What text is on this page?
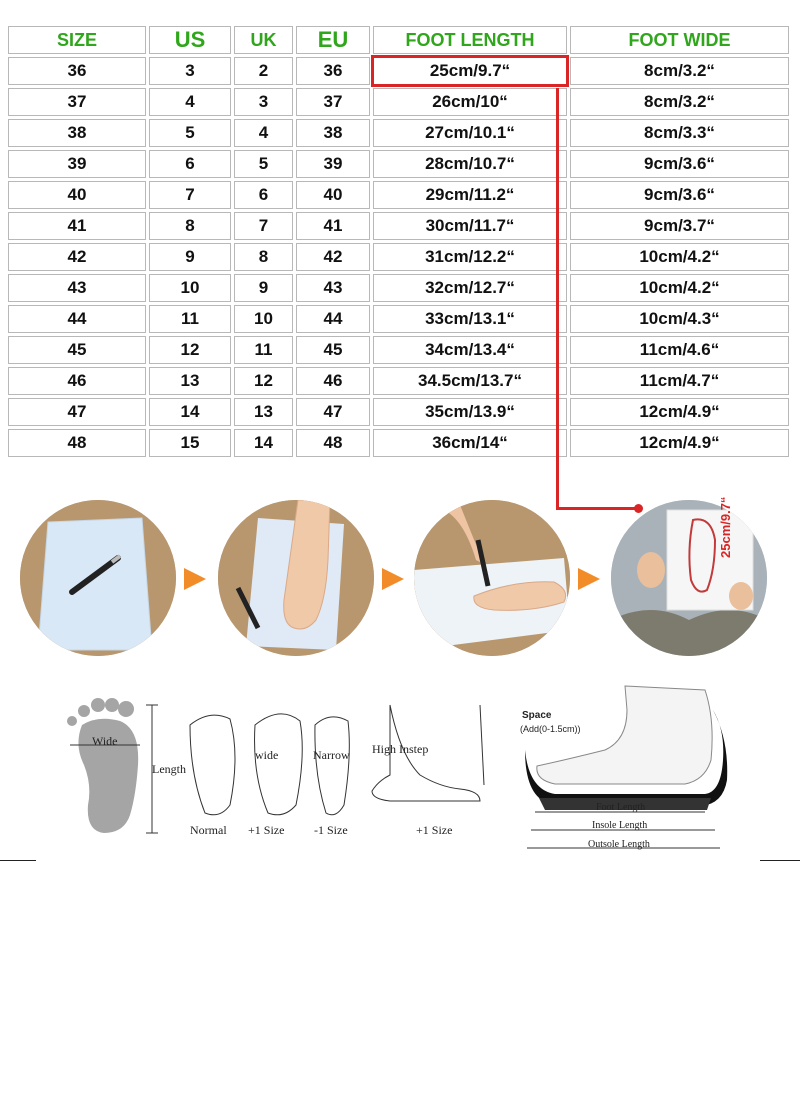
SIZE	US	UK	EU	FOOT LENGTH	FOOT WIDE
36	3	2	36	25cm/9.7“	8cm/3.2“
37	4	3	37	26cm/10“	8cm/3.2“
38	5	4	38	27cm/10.1“	8cm/3.3“
39	6	5	39	28cm/10.7“	9cm/3.6“
40	7	6	40	29cm/11.2“	9cm/3.6“
41	8	7	41	30cm/11.7“	9cm/3.7“
42	9	8	42	31cm/12.2“	10cm/4.2“
43	10	9	43	32cm/12.7“	10cm/4.2“
44	11	10	44	33cm/13.1“	10cm/4.3“
45	12	11	45	34cm/13.4“	11cm/4.6“
46	13	12	46	34.5cm/13.7“	11cm/4.7“
47	14	13	47	35cm/13.9“	12cm/4.9“
48	15	14	48	36cm/14“	12cm/4.9“
25cm/9.7“
Wide
Length
wide	Narrow High Instep
Normal +1 Size -1 Size	+1 Size
Space
(Add(0-1.5cm))
Foot Length
Insole Length
Outsole Length
